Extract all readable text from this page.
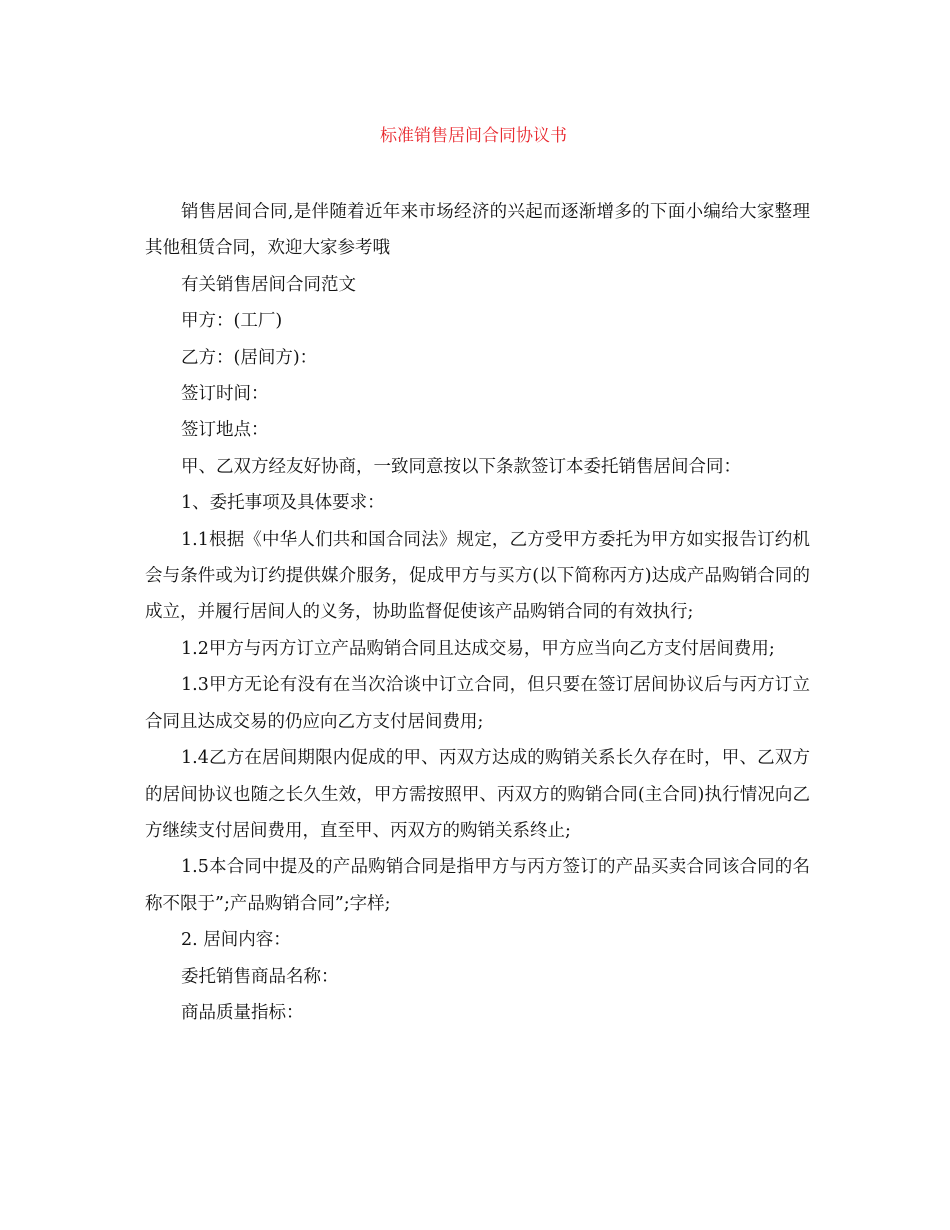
标准销售居间合同协议书

销售居间合同,是伴随着近年来市场经济的兴起而逐渐增多的下面小编给大家整理其他租赁合同，欢迎大家参考哦

有关销售居间合同范文

甲方：(工厂)

乙方：(居间方)：

签订时间：

签订地点：

甲、乙双方经友好协商，一致同意按以下条款签订本委托销售居间合同：

1、委托事项及具体要求：

1.1根据《中华人们共和国合同法》规定，乙方受甲方委托为甲方如实报告订约机会与条件或为订约提供媒介服务，促成甲方与买方(以下简称丙方)达成产品购销合同的成立，并履行居间人的义务，协助监督促使该产品购销合同的有效执行;

1.2甲方与丙方订立产品购销合同且达成交易，甲方应当向乙方支付居间费用;

1.3甲方无论有没有在当次洽谈中订立合同，但只要在签订居间协议后与丙方订立合同且达成交易的仍应向乙方支付居间费用;

1.4乙方在居间期限内促成的甲、丙双方达成的购销关系长久存在时，甲、乙双方的居间协议也随之长久生效，甲方需按照甲、丙双方的购销合同(主合同)执行情况向乙方继续支付居间费用，直至甲、丙双方的购销关系终止;

1.5本合同中提及的产品购销合同是指甲方与丙方签订的产品买卖合同该合同的名称不限于”;产品购销合同”;字样;

2. 居间内容：

委托销售商品名称：

商品质量指标：
